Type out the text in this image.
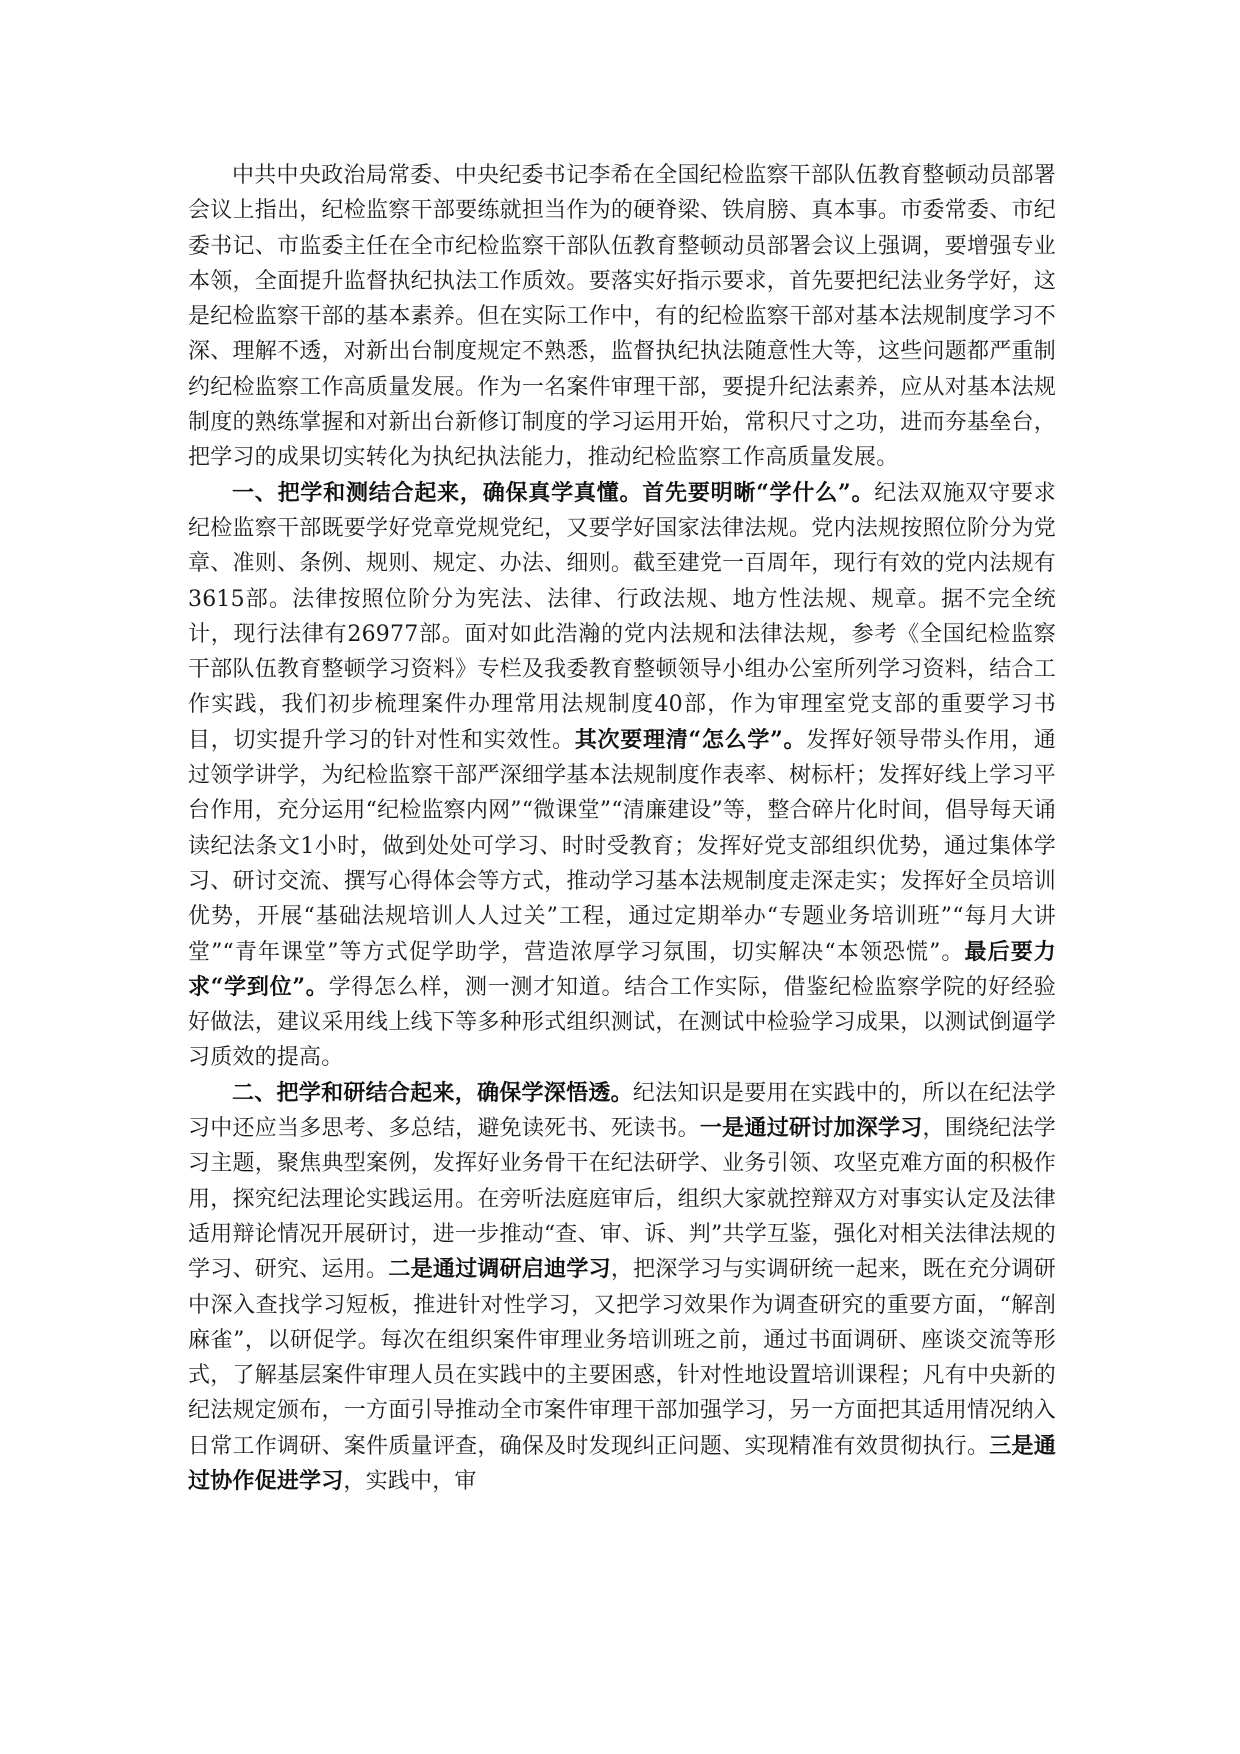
中共中央政治局常委、中央纪委书记李希在全国纪检监察干部队伍教育整顿动员部署会议上指出，纪检监察干部要练就担当作为的硬脊梁、铁肩膀、真本事。市委常委、市纪委书记、市监委主任在全市纪检监察干部队伍教育整顿动员部署会议上强调，要增强专业本领，全面提升监督执纪执法工作质效。要落实好指示要求，首先要把纪法业务学好，这是纪检监察干部的基本素养。但在实际工作中，有的纪检监察干部对基本法规制度学习不深、理解不透，对新出台制度规定不熟悉，监督执纪执法随意性大等，这些问题都严重制约纪检监察工作高质量发展。作为一名案件审理干部，要提升纪法素养，应从对基本法规制度的熟练掌握和对新出台新修订制度的学习运用开始，常积尺寸之功，进而夯基垒台，把学习的成果切实转化为执纪执法能力，推动纪检监察工作高质量发展。

一、把学和测结合起来，确保真学真懂。首先要明晰“学什么”。纪法双施双守要求纪检监察干部既要学好党章党规党纪，又要学好国家法律法规。党内法规按照位阶分为党章、准则、条例、规则、规定、办法、细则。截至建党一百周年，现行有效的党内法规有3615部。法律按照位阶分为宪法、法律、行政法规、地方性法规、规章。据不完全统计，现行法律有26977部。面对如此浩瀚的党内法规和法律法规，参考《全国纪检监察干部队伍教育整顿学习资料》专栏及我委教育整顿领导小组办公室所列学习资料，结合工作实践，我们初步梳理案件办理常用法规制度40部，作为审理室党支部的重要学习书目，切实提升学习的针对性和实效性。其次要理清“怎么学”。发挥好领导带头作用，通过领学讲学，为纪检监察干部严深细学基本法规制度作表率、树标杆；发挥好线上学习平台作用，充分运用“纪检监察内网”“微课堂”“清廉建设”等，整合碎片化时间，倡导每天诵读纪法条文1小时，做到处处可学习、时时受教育；发挥好党支部组织优势，通过集体学习、研讨交流、撰写心得体会等方式，推动学习基本法规制度走深走实；发挥好全员培训优势，开展“基础法规培训人人过关”工程，通过定期举办“专题业务培训班”“每月大讲堂”“青年课堂”等方式促学助学，营造浓厚学习氛围，切实解决“本领恐慌”。最后要力求“学到位”。学得怎么样，测一测才知道。结合工作实际，借鉴纪检监察学院的好经验好做法，建议采用线上线下等多种形式组织测试，在测试中检验学习成果，以测试倒逼学习质效的提高。

二、把学和研结合起来，确保学深悟透。纪法知识是要用在实践中的，所以在纪法学习中还应当多思考、多总结，避免读死书、死读书。一是通过研讨加深学习，围绕纪法学习主题，聚焦典型案例，发挥好业务骨干在纪法研学、业务引领、攻坚克难方面的积极作用，探究纪法理论实践运用。在旁听法庭庭审后，组织大家就控辩双方对事实认定及法律适用辩论情况开展研讨，进一步推动“查、审、诉、判”共学互鉴，强化对相关法律法规的学习、研究、运用。二是通过调研启迪学习，把深学习与实调研统一起来，既在充分调研中深入查找学习短板，推进针对性学习，又把学习效果作为调查研究的重要方面，“解剖麻雀”，以研促学。每次在组织案件审理业务培训班之前，通过书面调研、座谈交流等形式，了解基层案件审理人员在实践中的主要困惑，针对性地设置培训课程；凡有中央新的纪法规定颁布，一方面引导推动全市案件审理干部加强学习，另一方面把其适用情况纳入日常工作调研、案件质量评查，确保及时发现纠正问题、实现精准有效贯彻执行。三是通过协作促进学习，实践中，审
